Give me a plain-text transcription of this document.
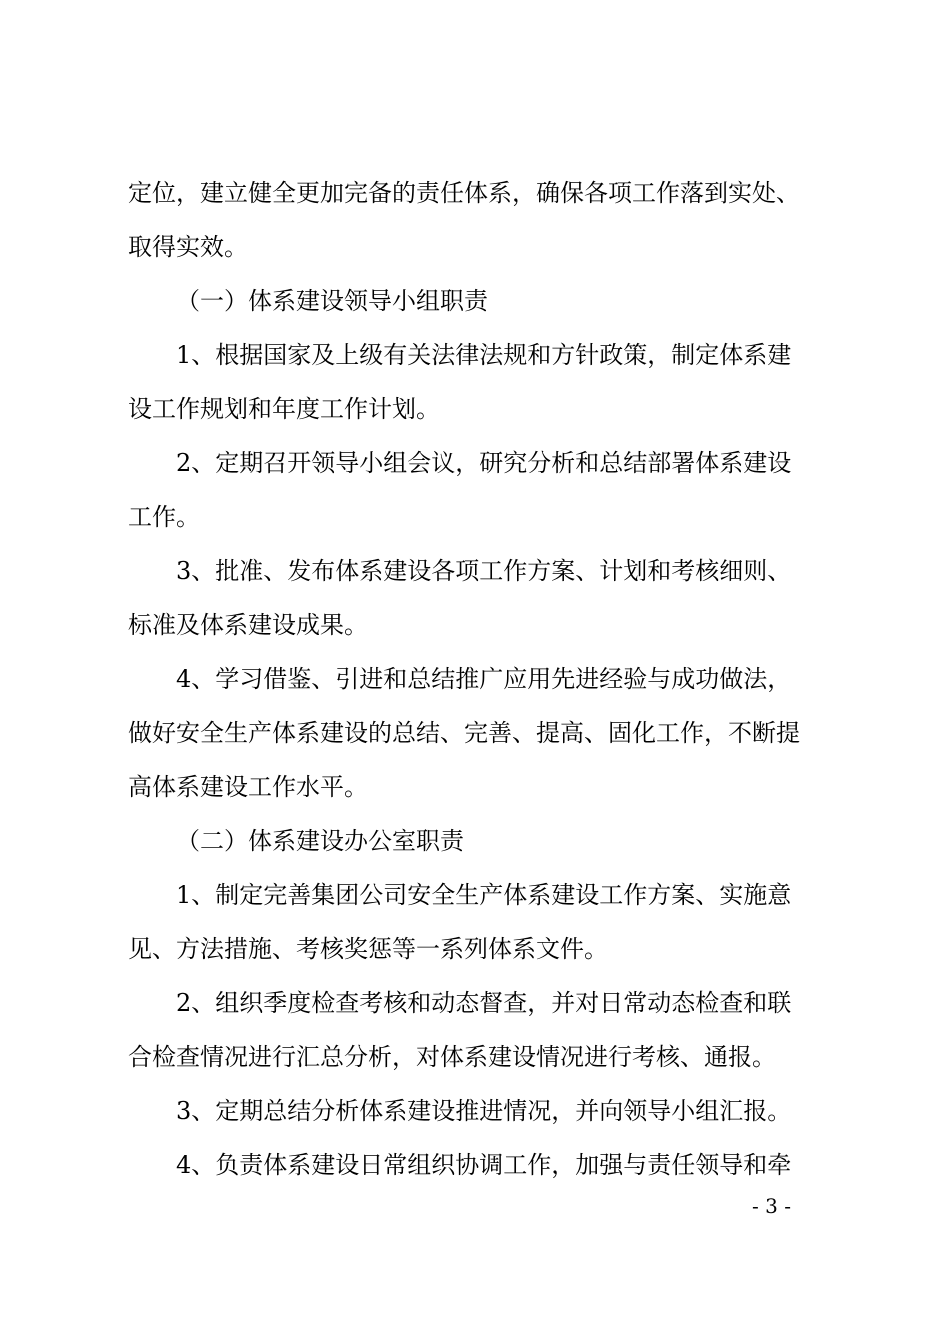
定位，建立健全更加完备的责任体系，确保各项工作落到实处、
取得实效。
（一）体系建设领导小组职责
1、根据国家及上级有关法律法规和方针政策，制定体系建
设工作规划和年度工作计划。
2、定期召开领导小组会议，研究分析和总结部署体系建设
工作。
3、批准、发布体系建设各项工作方案、计划和考核细则、
标准及体系建设成果。
4、学习借鉴、引进和总结推广应用先进经验与成功做法，
做好安全生产体系建设的总结、完善、提高、固化工作，不断提
高体系建设工作水平。
（二）体系建设办公室职责
1、制定完善集团公司安全生产体系建设工作方案、实施意
见、方法措施、考核奖惩等一系列体系文件。
2、组织季度检查考核和动态督查，并对日常动态检查和联
合检查情况进行汇总分析，对体系建设情况进行考核、通报。
3、定期总结分析体系建设推进情况，并向领导小组汇报。
4、负责体系建设日常组织协调工作，加强与责任领导和牵
- 3 -
